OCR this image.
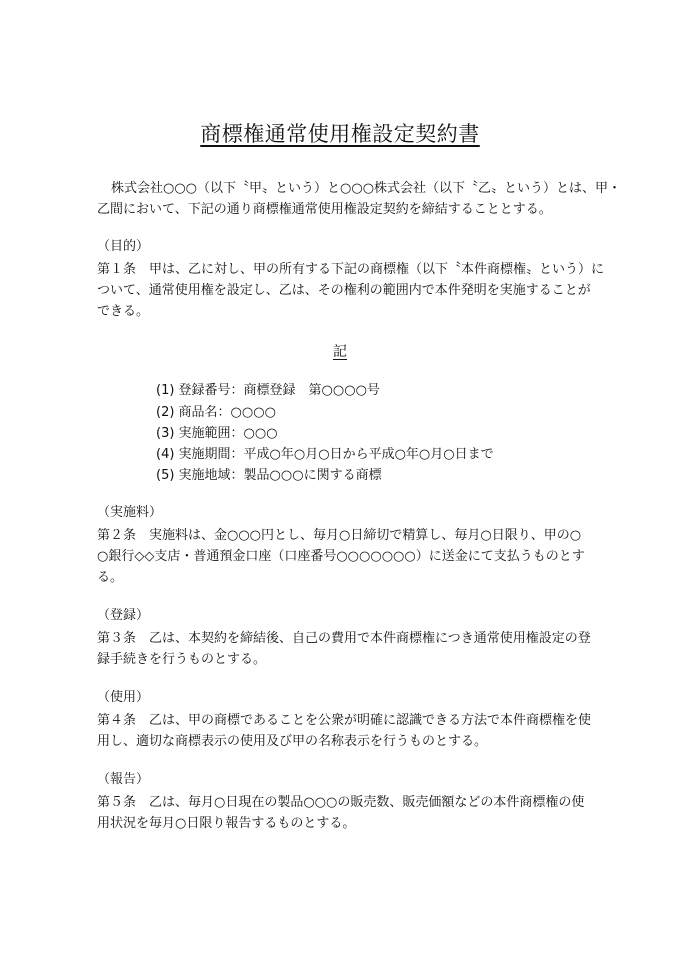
商標権通常使用権設定契約書
株式会社○○○（以下〝甲〟という）と○○○株式会社（以下〝乙〟という）とは、甲・
乙間において、下記の通り商標権通常使用権設定契約を締結することとする。
（目的）
第１条　甲は、乙に対し、甲の所有する下記の商標権（以下〝本件商標権〟という）に
ついて、通常使用権を設定し、乙は、その権利の範囲内で本件発明を実施することが
できる。
記
(1) 登録番号：商標登録　第○○○○号
(2) 商品名：○○○○
(3) 実施範囲：○○○
(4) 実施期間：平成○年○月○日から平成○年○月○日まで
(5) 実施地域：製品○○○に関する商標
（実施料）
第２条　実施料は、金○○○円とし、毎月○日締切で精算し、毎月○日限り、甲の○
○銀行◇◇支店・普通預金口座（口座番号○○○○○○○）に送金にて支払うものとす
る。
（登録）
第３条　乙は、本契約を締結後、自己の費用で本件商標権につき通常使用権設定の登
録手続きを行うものとする。
（使用）
第４条　乙は、甲の商標であることを公衆が明確に認識できる方法で本件商標権を使
用し、適切な商標表示の使用及び甲の名称表示を行うものとする。
（報告）
第５条　乙は、毎月○日現在の製品○○○の販売数、販売価額などの本件商標権の使
用状況を毎月○日限り報告するものとする。
